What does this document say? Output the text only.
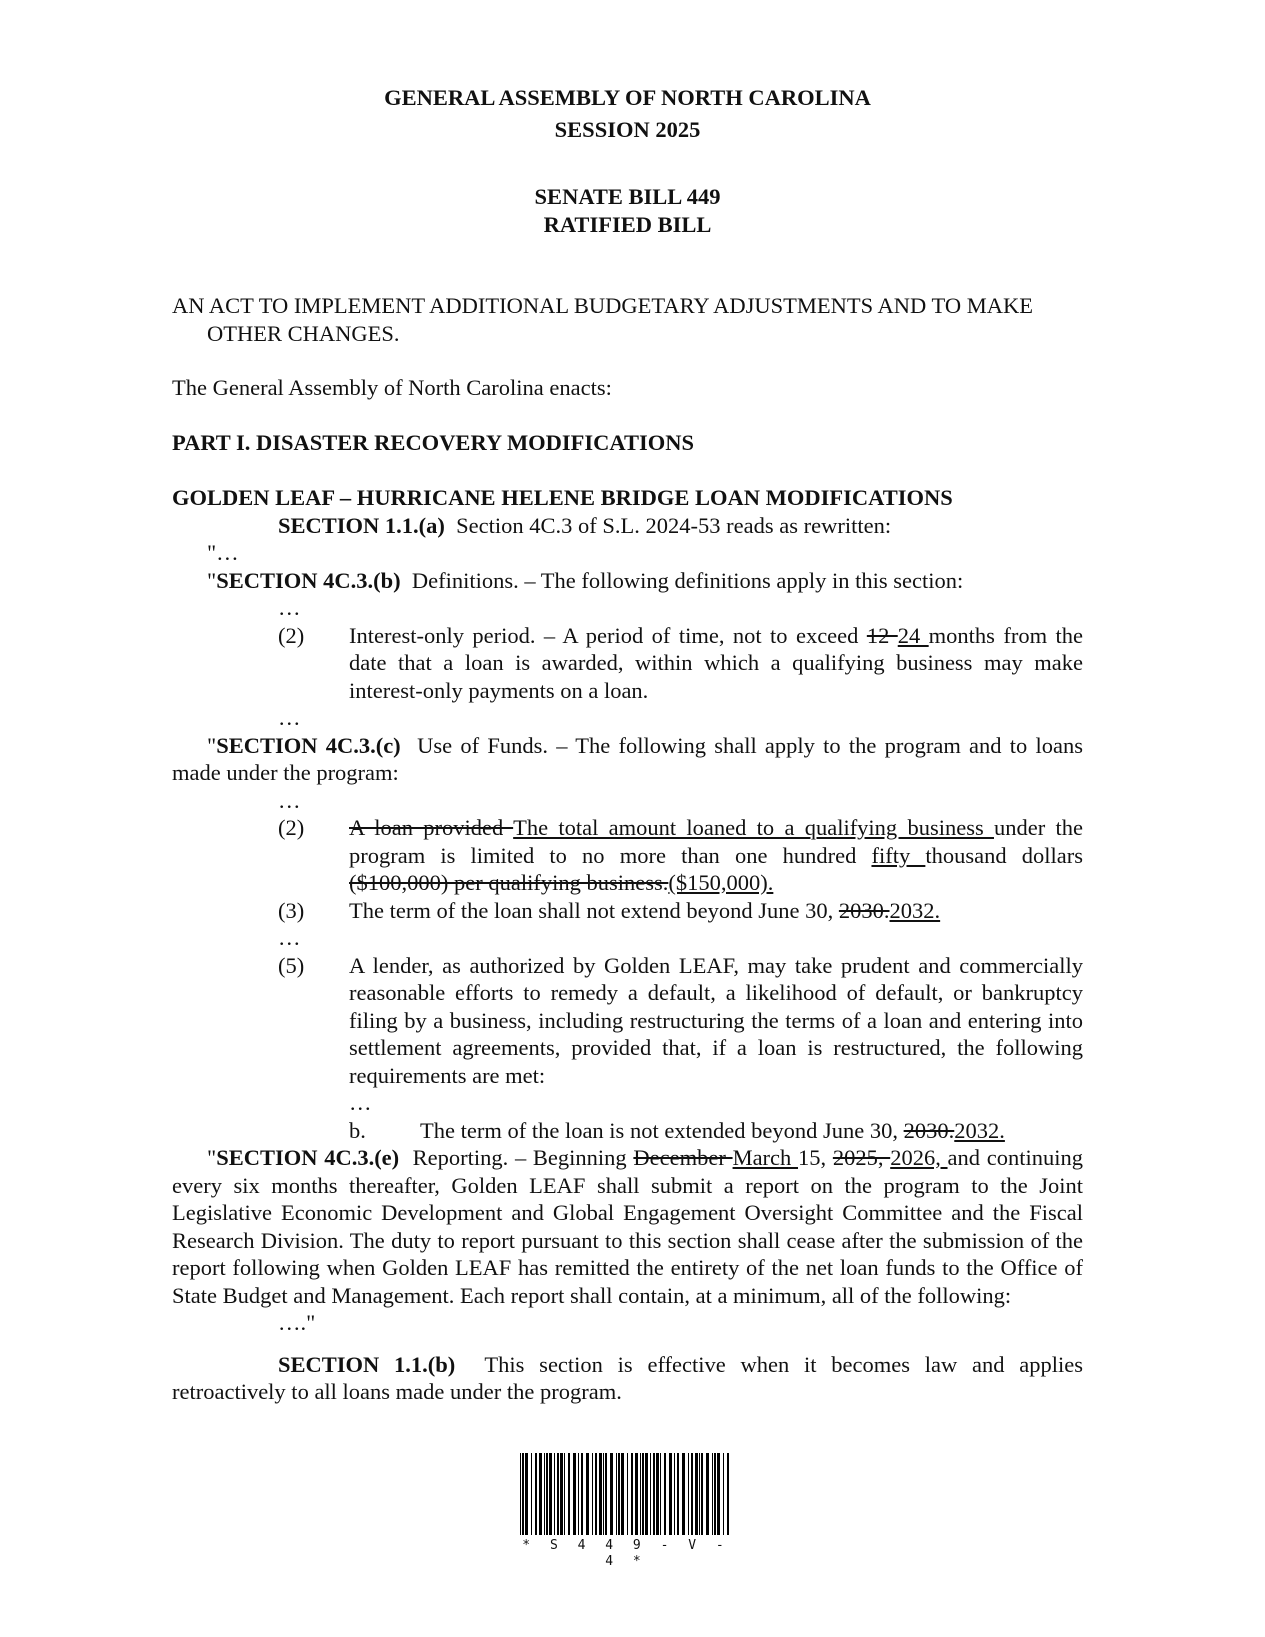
GENERAL ASSEMBLY OF NORTH CAROLINA

SESSION 2025

SENATE BILL 449

RATIFIED BILL

AN ACT TO IMPLEMENT ADDITIONAL BUDGETARY ADJUSTMENTS AND TO MAKE OTHER CHANGES.

The General Assembly of North Carolina enacts:

PART I. DISASTER RECOVERY MODIFICATIONS

GOLDEN LEAF – HURRICANE HELENE BRIDGE LOAN MODIFICATIONS

SECTION 1.1.(a)  Section 4C.3 of S.L. 2024-53 reads as rewritten:

"…

"SECTION 4C.3.(b)  Definitions. – The following definitions apply in this section:

…

(2)	Interest-only period. – A period of time, not to exceed 12 24 months from the date that a loan is awarded, within which a qualifying business may make interest-only payments on a loan.

…

"SECTION 4C.3.(c)  Use of Funds. – The following shall apply to the program and to loans made under the program:

…

(2)	A loan provided The total amount loaned to a qualifying business under the program is limited to no more than one hundred fifty thousand dollars ($100,000) per qualifying business.($150,000).
(3)	The term of the loan shall not extend beyond June 30, 2030.2032.

…

(5)	A lender, as authorized by Golden LEAF, may take prudent and commercially reasonable efforts to remedy a default, a likelihood of default, or bankruptcy filing by a business, including restructuring the terms of a loan and entering into settlement agreements, provided that, if a loan is restructured, the following requirements are met:

…

b.	The term of the loan is not extended beyond June 30, 2030.2032.

"SECTION 4C.3.(e)  Reporting. – Beginning December March 15, 2025, 2026, and continuing every six months thereafter, Golden LEAF shall submit a report on the program to the Joint Legislative Economic Development and Global Engagement Oversight Committee and the Fiscal Research Division. The duty to report pursuant to this section shall cease after the submission of the report following when Golden LEAF has remitted the entirety of the net loan funds to the Office of State Budget and Management. Each report shall contain, at a minimum, all of the following:

…."

SECTION 1.1.(b)  This section is effective when it becomes law and applies retroactively to all loans made under the program.

* S 4 4 9 - V - 4 *
